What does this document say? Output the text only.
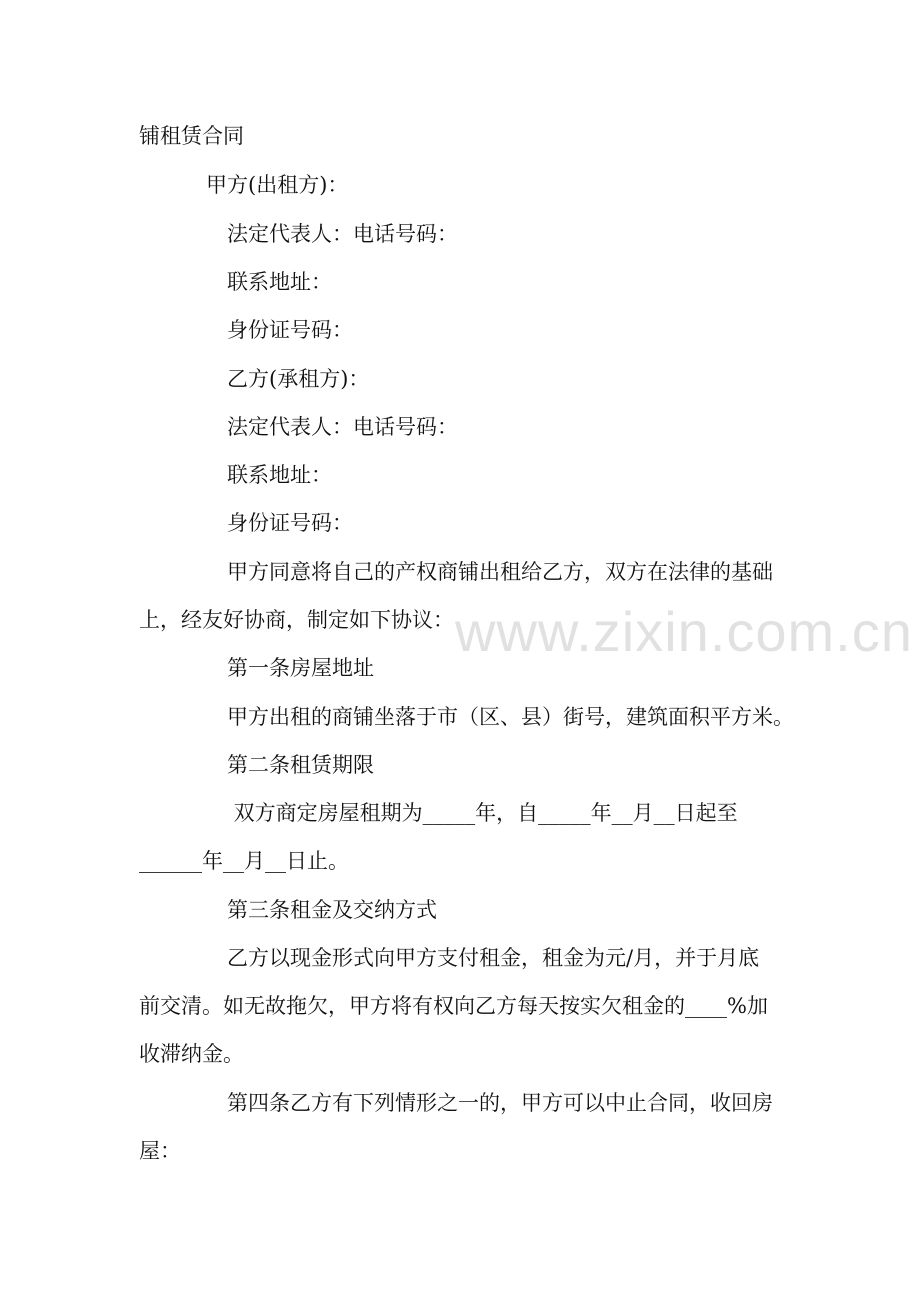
铺租赁合同
甲方(出租方)：
法定代表人：电话号码：
联系地址：
身份证号码：
乙方(承租方)：
法定代表人：电话号码：
联系地址：
身份证号码：
甲方同意将自己的产权商铺出租给乙方，双方在法律的基础
上，经友好协商，制定如下协议：
第一条房屋地址
甲方出租的商铺坐落于市（区、县）街号，建筑面积平方米。
第二条租赁期限
双方商定房屋租期为_____年，自_____年__月__日起至
______年__月__日止。
第三条租金及交纳方式
乙方以现金形式向甲方支付租金，租金为元/月，并于月底
前交清。如无故拖欠，甲方将有权向乙方每天按实欠租金的____%加
收滞纳金。
第四条乙方有下列情形之一的，甲方可以中止合同，收回房
屋：
www.zixin.com.cn
